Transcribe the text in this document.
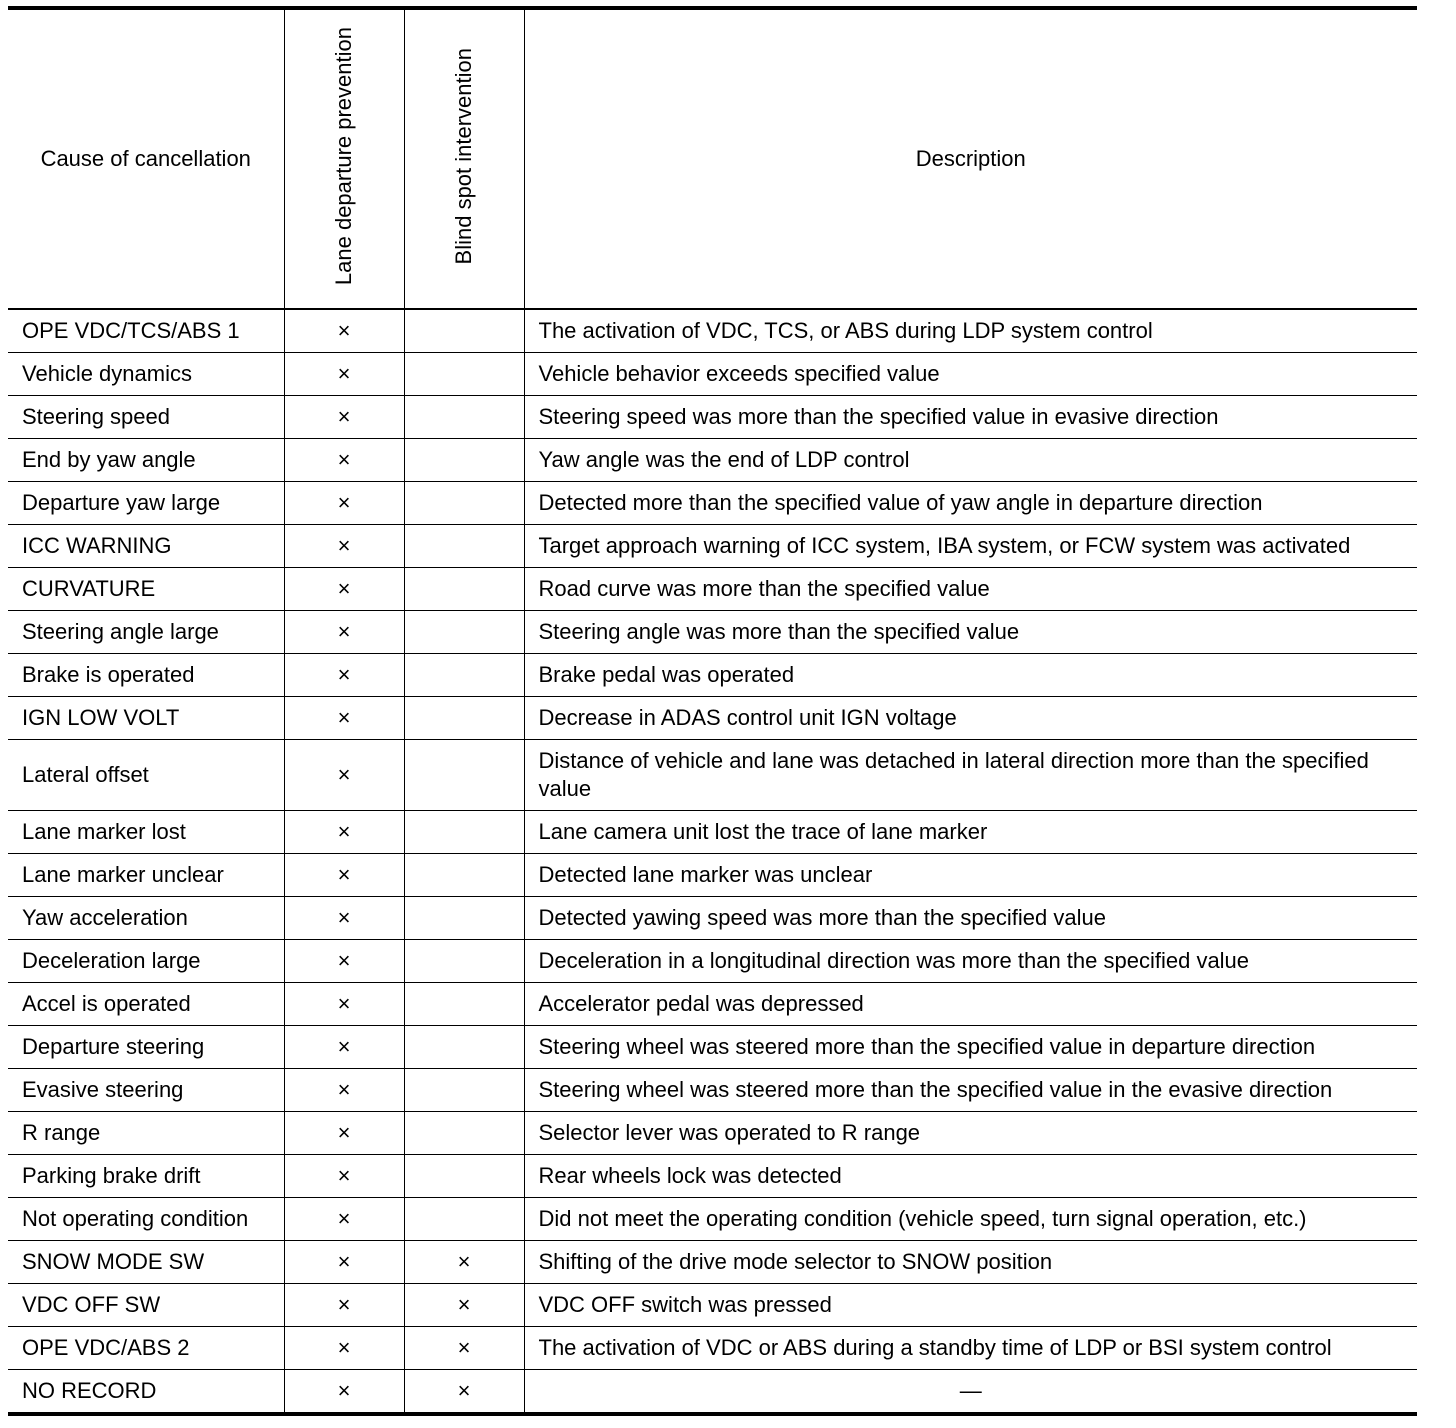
Cause of cancellation	Lane departure prevention	Blind spot intervention	Description
OPE VDC/TCS/ABS 1	×		The activation of VDC, TCS, or ABS during LDP system control
Vehicle dynamics	×		Vehicle behavior exceeds specified value
Steering speed	×		Steering speed was more than the specified value in evasive direction
End by yaw angle	×		Yaw angle was the end of LDP control
Departure yaw large	×		Detected more than the specified value of yaw angle in departure direction
ICC WARNING	×		Target approach warning of ICC system, IBA system, or FCW system was activated
CURVATURE	×		Road curve was more than the specified value
Steering angle large	×		Steering angle was more than the specified value
Brake is operated	×		Brake pedal was operated
IGN LOW VOLT	×		Decrease in ADAS control unit IGN voltage
Lateral offset	×		Distance of vehicle and lane was detached in lateral direction more than the specified value
Lane marker lost	×		Lane camera unit lost the trace of lane marker
Lane marker unclear	×		Detected lane marker was unclear
Yaw acceleration	×		Detected yawing speed was more than the specified value
Deceleration large	×		Deceleration in a longitudinal direction was more than the specified value
Accel is operated	×		Accelerator pedal was depressed
Departure steering	×		Steering wheel was steered more than the specified value in departure direction
Evasive steering	×		Steering wheel was steered more than the specified value in the evasive direction
R range	×		Selector lever was operated to R range
Parking brake drift	×		Rear wheels lock was detected
Not operating condition	×		Did not meet the operating condition (vehicle speed, turn signal operation, etc.)
SNOW MODE SW	×	×	Shifting of the drive mode selector to SNOW position
VDC OFF SW	×	×	VDC OFF switch was pressed
OPE VDC/ABS 2	×	×	The activation of VDC or ABS during a standby time of LDP or BSI system control
NO RECORD	×	×	—
